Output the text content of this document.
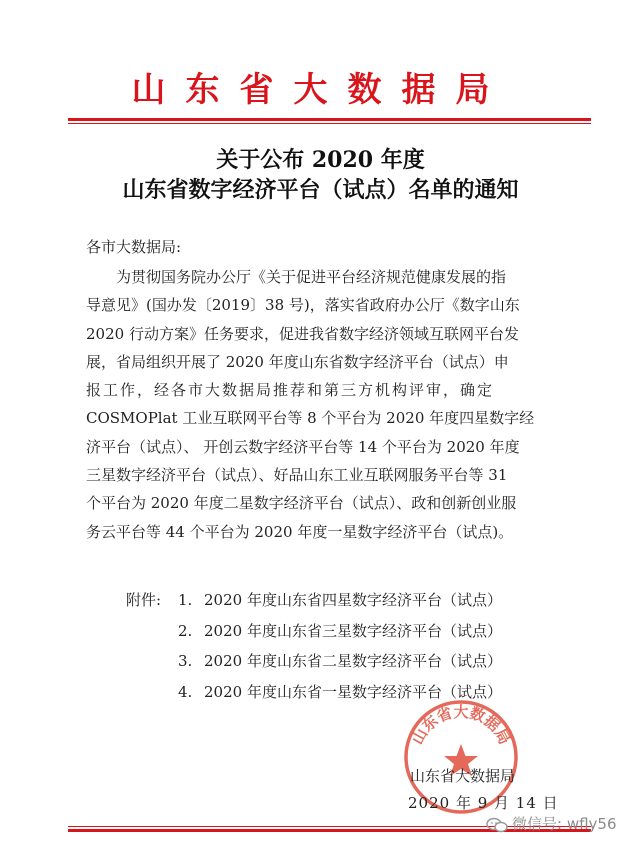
山东省大数据局
关于公布 2020 年度
山东省数字经济平台（试点）名单的通知
各市大数据局:
　　为贯彻国务院办公厅《关于促进平台经济规范健康发展的指
导意见》(国办发〔2019〕38 号)，落实省政府办公厅《数字山东
2020 行动方案》任务要求，促进我省数字经济领域互联网平台发
展，省局组织开展了 2020 年度山东省数字经济平台（试点）申
报工作，经各市大数据局推荐和第三方机构评审，确定
COSMOPlat 工业互联网平台等 8 个平台为 2020 年度四星数字经
济平台（试点）、 开创云数字经济平台等 14 个平台为 2020 年度
三星数字经济平台（试点）、好品山东工业互联网服务平台等 31
个平台为 2020 年度二星数字经济平台（试点）、政和创新创业服
务云平台等 44 个平台为 2020 年度一星数字经济平台（试点)。
附件: 1. 2020 年度山东省四星数字经济平台（试点）
2. 2020 年度山东省三星数字经济平台（试点）
3. 2020 年度山东省二星数字经济平台（试点）
4. 2020 年度山东省一星数字经济平台（试点）
山东省大数据局
山东省大数据局
2020 年 9 月 14 日
微信号: wfly56
